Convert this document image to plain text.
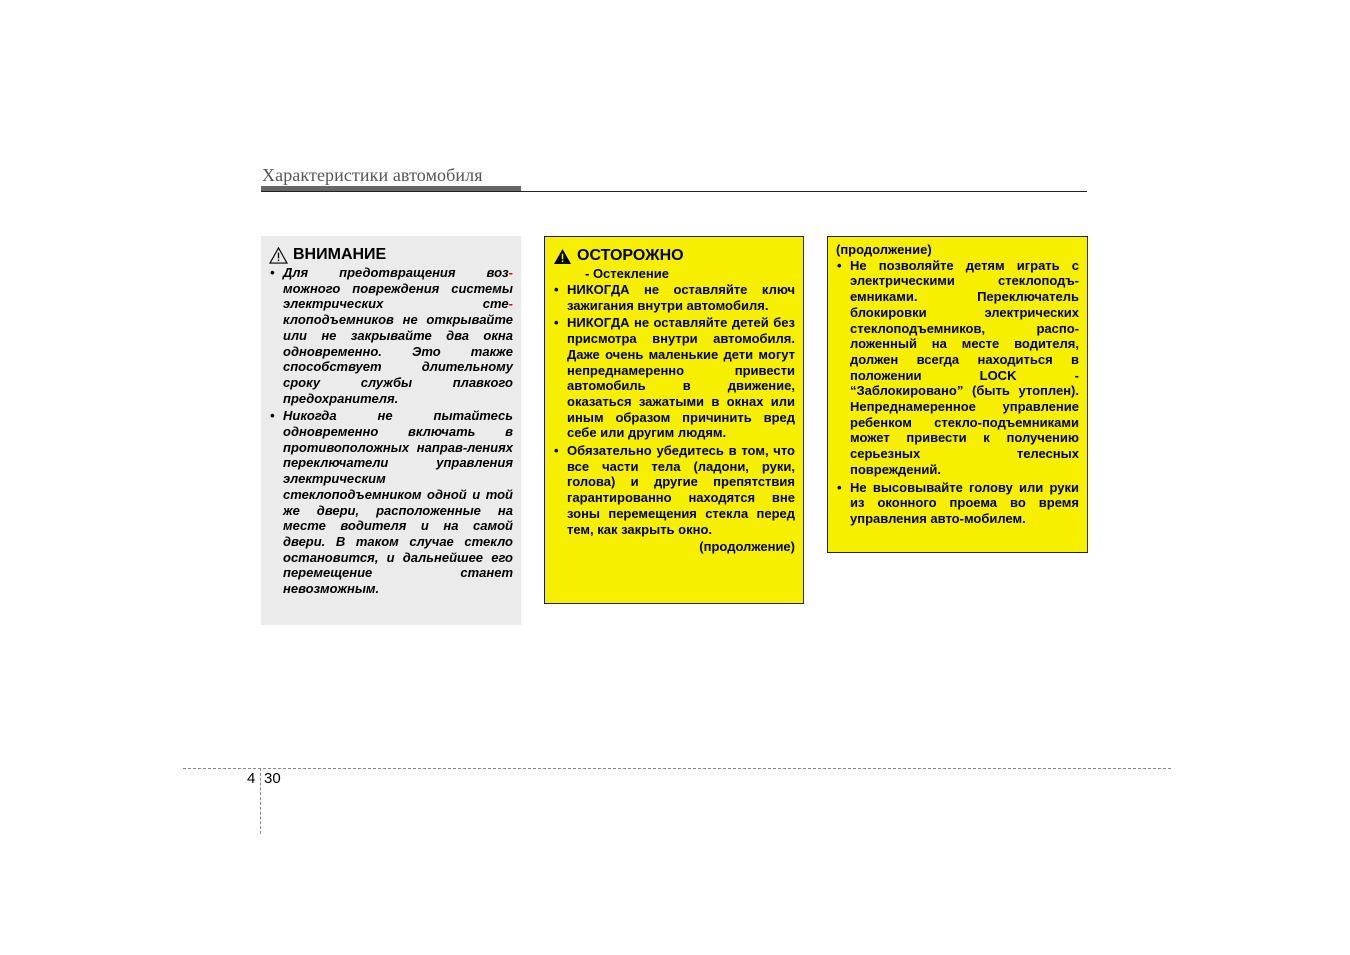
Характеристики автомобиля
ВНИМАНИЕ
• Для предотвращения воз- можного повреждения системы электрических сте- клоподъемников не открывайте или не закрывайте два окна одновременно. Это также способствует длительному сроку службы плавкого предохранителя.
• Никогда не пытайтесь одновременно включать в противоположных направ-лениях переключатели управления электрическим стеклоподъемником одной и той же двери, расположенные на месте водителя и на самой двери. В таком случае стекло остановится, и дальнейшее его перемещение станет невозможным.
ОСТОРОЖНО
- Остекление
• НИКОГДА не оставляйте ключ зажигания внутри автомобиля.
• НИКОГДА не оставляйте детей без присмотра внутри автомобиля. Даже очень маленькие дети могут непреднамеренно привести автомобиль в движение, оказаться зажатыми в окнах или иным образом причинить вред себе или другим людям.
• Обязательно убедитесь в том, что все части тела (ладони, руки, голова) и другие препятствия гарантированно находятся вне зоны перемещения стекла перед тем, как закрыть окно.
(продолжение)
(продолжение)
• Не позволяйте детям играть с электрическими стеклоподъ-емниками. Переключатель блокировки электрических стеклоподъемников, распо-ложенный на месте водителя, должен всегда находиться в положении LOCK - “Заблокировано” (быть утоплен). Непреднамеренное управление ребенком стекло-подъемниками может привести к получению серьезных телесных повреждений.
• Не высовывайте голову или руки из оконного проема во время управления авто-мобилем.
4 30
